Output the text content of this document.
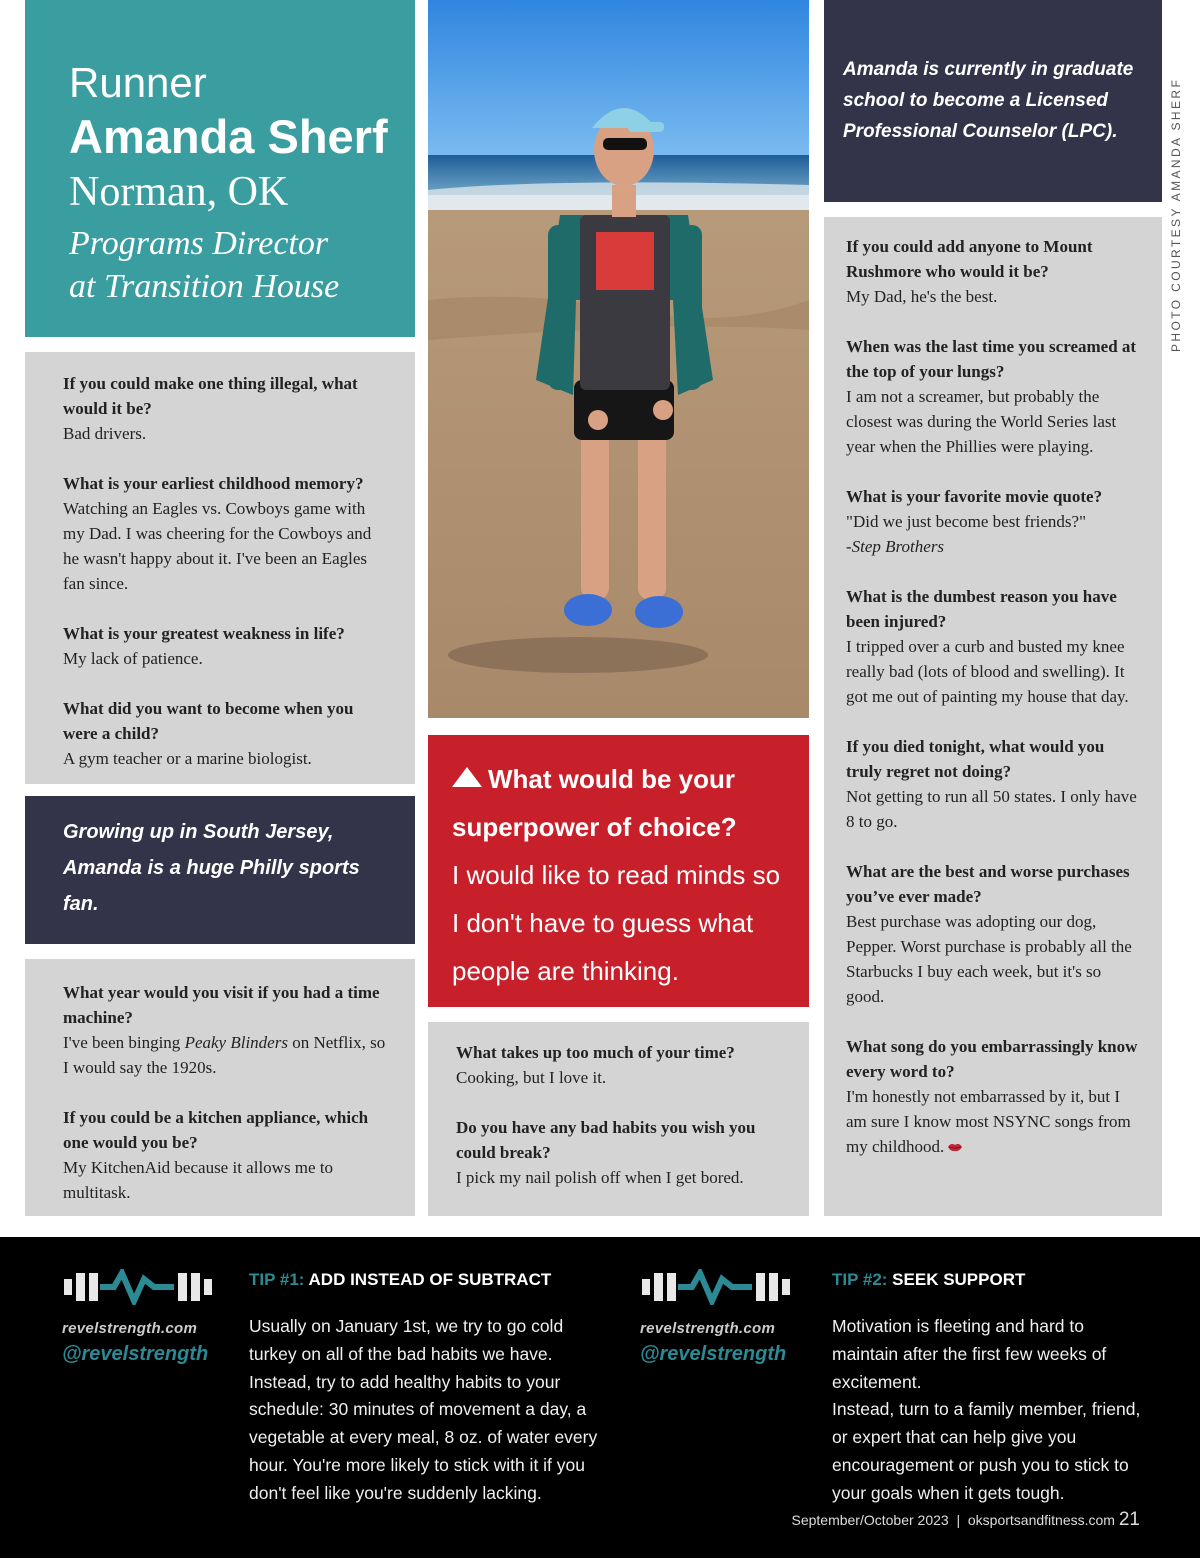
Runner
Amanda Sherf
Norman, OK
Programs Director
at Transition House
If you could make one thing illegal, what would it be?
Bad drivers.
What is your earliest childhood memory?
Watching an Eagles vs. Cowboys game with my Dad. I was cheering for the Cowboys and he wasn't happy about it. I've been an Eagles fan since.
What is your greatest weakness in life?
My lack of patience.
What did you want to become when you were a child?
A gym teacher or a marine biologist.
Growing up in South Jersey, Amanda is a huge Philly sports fan.
What year would you visit if you had a time machine?
I've been binging Peaky Blinders on Netflix, so I would say the 1920s.
If you could be a kitchen appliance, which one would you be?
My KitchenAid because it allows me to multitask.
What would be your superpower of choice?
I would like to read minds so I don't have to guess what people are thinking.
What takes up too much of your time?
Cooking, but I love it.
Do you have any bad habits you wish you could break?
I pick my nail polish off when I get bored.
Amanda is currently in graduate school to become a Licensed Professional Counselor (LPC).
If you could add anyone to Mount Rushmore who would it be?
My Dad, he's the best.
When was the last time you screamed at the top of your lungs?
I am not a screamer, but probably the closest was during the World Series last year when the Phillies were playing.
What is your favorite movie quote?
"Did we just become best friends?"
-Step Brothers
What is the dumbest reason you have been injured?
I tripped over a curb and busted my knee really bad (lots of blood and swelling). It got me out of painting my house that day.
If you died tonight, what would you truly regret not doing?
Not getting to run all 50 states. I only have 8 to go.
What are the best and worse purchases you’ve ever made?
Best purchase was adopting our dog, Pepper. Worst purchase is probably all the Starbucks I buy each week, but it's so good.
What song do you embarrassingly know every word to?
I'm honestly not embarrassed by it, but I am sure I know most NSYNC songs from my childhood.
PHOTO COURTESY AMANDA SHERF
revelstrength.com
@revelstrength
TIP #1: ADD INSTEAD OF SUBTRACT
Usually on January 1st, we try to go cold turkey on all of the bad habits we have. Instead, try to add healthy habits to your schedule: 30 minutes of movement a day, a vegetable at every meal, 8 oz. of water every hour. You're more likely to stick with it if you don't feel like you're suddenly lacking.
revelstrength.com
@revelstrength
TIP #2: SEEK SUPPORT
Motivation is fleeting and hard to maintain after the first few weeks of excitement.
Instead, turn to a family member, friend, or expert that can help give you encouragement or push you to stick to your goals when it gets tough.
September/October 2023  |  oksportsandfitness.com 21
